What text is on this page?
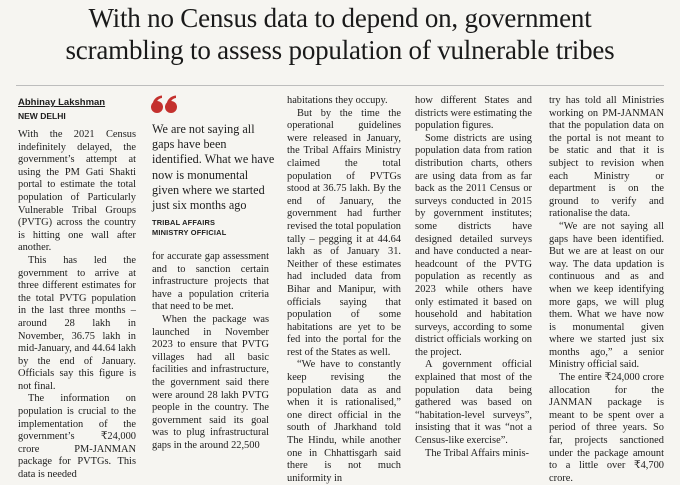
With no Census data to depend on, government
scrambling to assess population of vulnerable tribes
Abhinay Lakshman
NEW DELHI

With the 2021 Census indefinitely delayed, the government’s attempt at using the PM Gati Shakti portal to estimate the total population of Particularly Vulnerable Tribal Groups (PVTG) across the country is hitting one wall after another.

This has led the government to arrive at three different estimates for the total PVTG population in the last three months – around 28 lakh in November, 36.75 lakh in mid-January, and 44.64 lakh by the end of January. Officials say this figure is not final.

The information on population is crucial to the implementation of the government’s ₹24,000 crore PM-JANMAN package for PVTGs. This data is needed

We are not saying all gaps have been identified. What we have now is monumental given where we started just six months ago
TRIBAL AFFAIRS
MINISTRY OFFICIAL

for accurate gap assessment and to sanction certain infrastructure projects that have a population criteria that need to be met.

When the package was launched in November 2023 to ensure that PVTG villages had all basic facilities and infrastructure, the government said there were around 28 lakh PVTG people in the country. The government said its goal was to plug infrastructural gaps in the around 22,500

habitations they occupy.

But by the time the operational guidelines were released in January, the Tribal Affairs Ministry claimed the total population of PVTGs stood at 36.75 lakh. By the end of January, the government had further revised the total population tally – pegging it at 44.64 lakh as of January 31. Neither of these estimates had included data from Bihar and Manipur, with officials saying that population of some habitations are yet to be fed into the portal for the rest of the States as well.

“We have to constantly keep revising the population data as and when it is rationalised,” one direct official in the south of Jharkhand told The Hindu, while another one in Chhattisgarh said there is not much uniformity in

how different States and districts were estimating the population figures.

Some districts are using population data from ration distribution charts, others are using data from as far back as the 2011 Census or surveys conducted in 2015 by government institutes; some districts have designed detailed surveys and have conducted a near-headcount of the PVTG population as recently as 2023 while others have only estimated it based on household and habitation surveys, according to some district officials working on the project.

A government official explained that most of the population data being gathered was based on “habitation-level surveys”, insisting that it was “not a Census-like exercise”.

The Tribal Affairs minis-

try has told all Ministries working on PM-JANMAN that the population data on the portal is not meant to be static and that it is subject to revision when each Ministry or department is on the ground to verify and rationalise the data.

“We are not saying all gaps have been identified. But we are at least on our way. The data updation is continuous and as and when we keep identifying more gaps, we will plug them. What we have now is monumental given where we started just six months ago,” a senior Ministry official said.

The entire ₹24,000 crore allocation for the JANMAN package is meant to be spent over a period of three years. So far, projects sanctioned under the package amount to a little over ₹4,700 crore.
